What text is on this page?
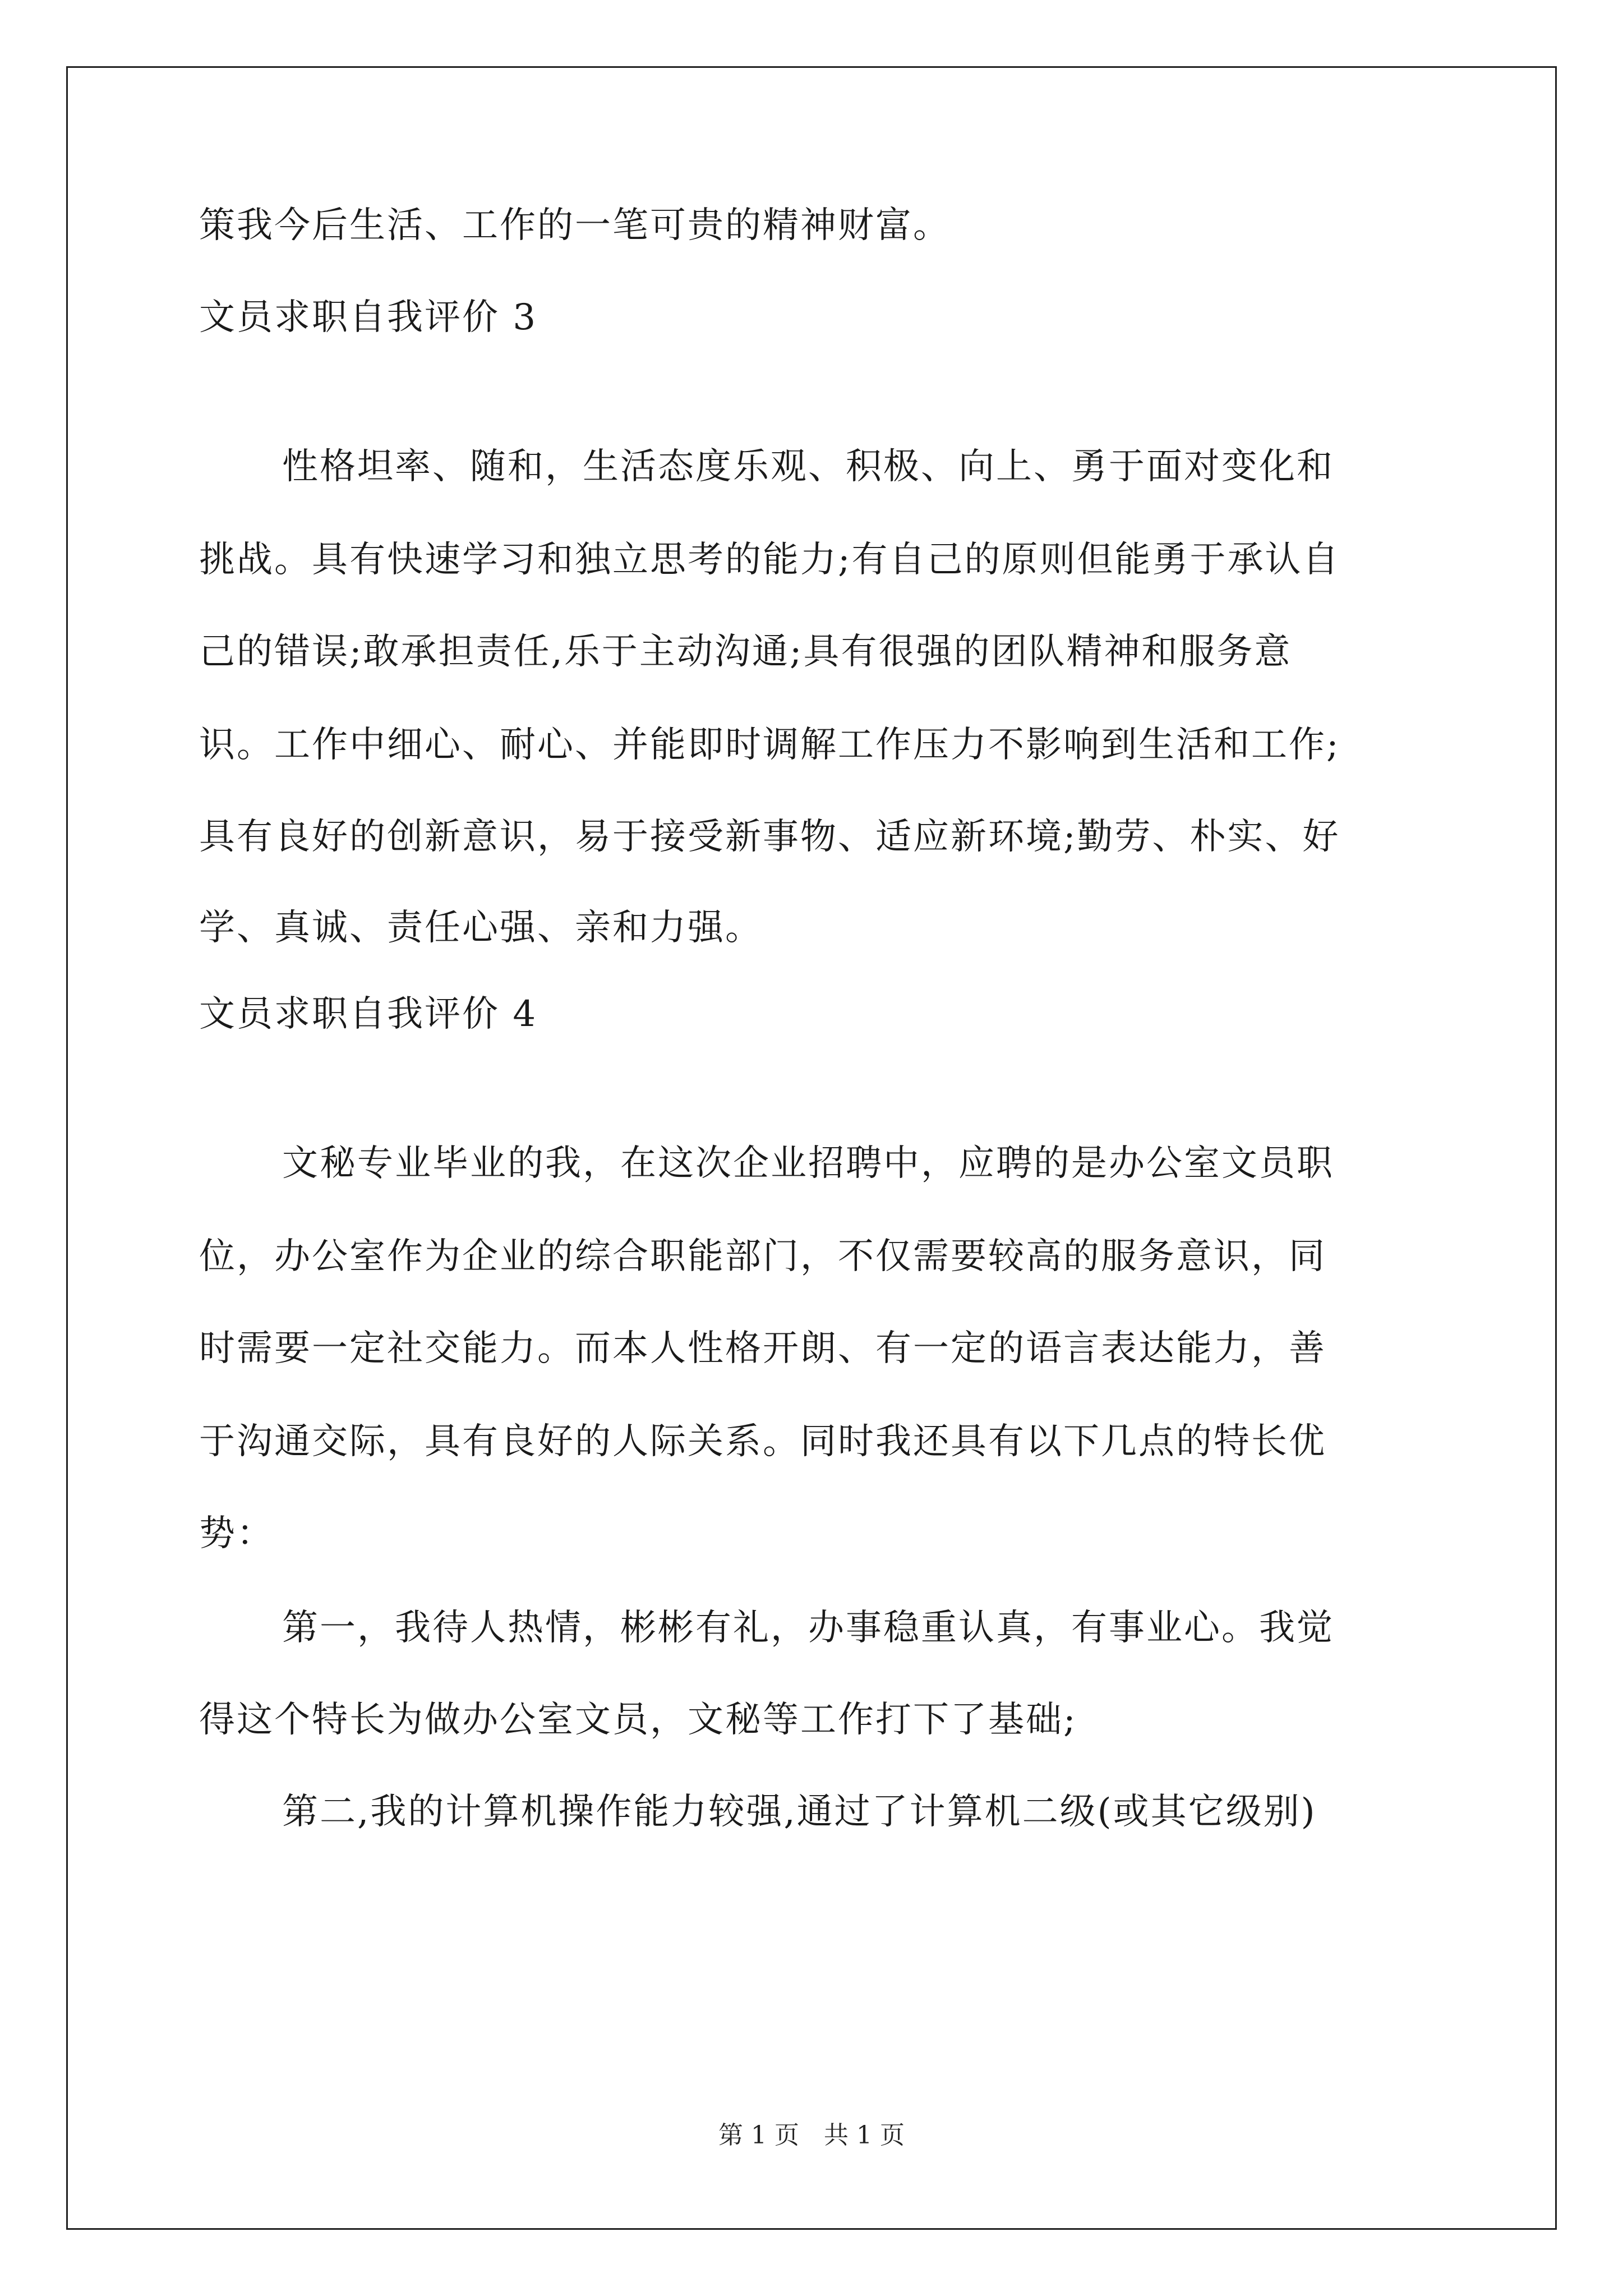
策我今后生活、工作的一笔可贵的精神财富。
文员求职自我评价 3
性格坦率、随和，生活态度乐观、积极、向上、勇于面对变化和
挑战。具有快速学习和独立思考的能力;有自己的原则但能勇于承认自
己的错误;敢承担责任,乐于主动沟通;具有很强的团队精神和服务意
识。工作中细心、耐心、并能即时调解工作压力不影响到生活和工作;
具有良好的创新意识，易于接受新事物、适应新环境;勤劳、朴实、好
学、真诚、责任心强、亲和力强。
文员求职自我评价 4
文秘专业毕业的我，在这次企业招聘中，应聘的是办公室文员职
位，办公室作为企业的综合职能部门，不仅需要较高的服务意识，同
时需要一定社交能力。而本人性格开朗、有一定的语言表达能力，善
于沟通交际，具有良好的人际关系。同时我还具有以下几点的特长优
势：
第一，我待人热情，彬彬有礼，办事稳重认真，有事业心。我觉
得这个特长为做办公室文员，文秘等工作打下了基础;
第二,我的计算机操作能力较强,通过了计算机二级(或其它级别)
第 1 页　共 1 页
